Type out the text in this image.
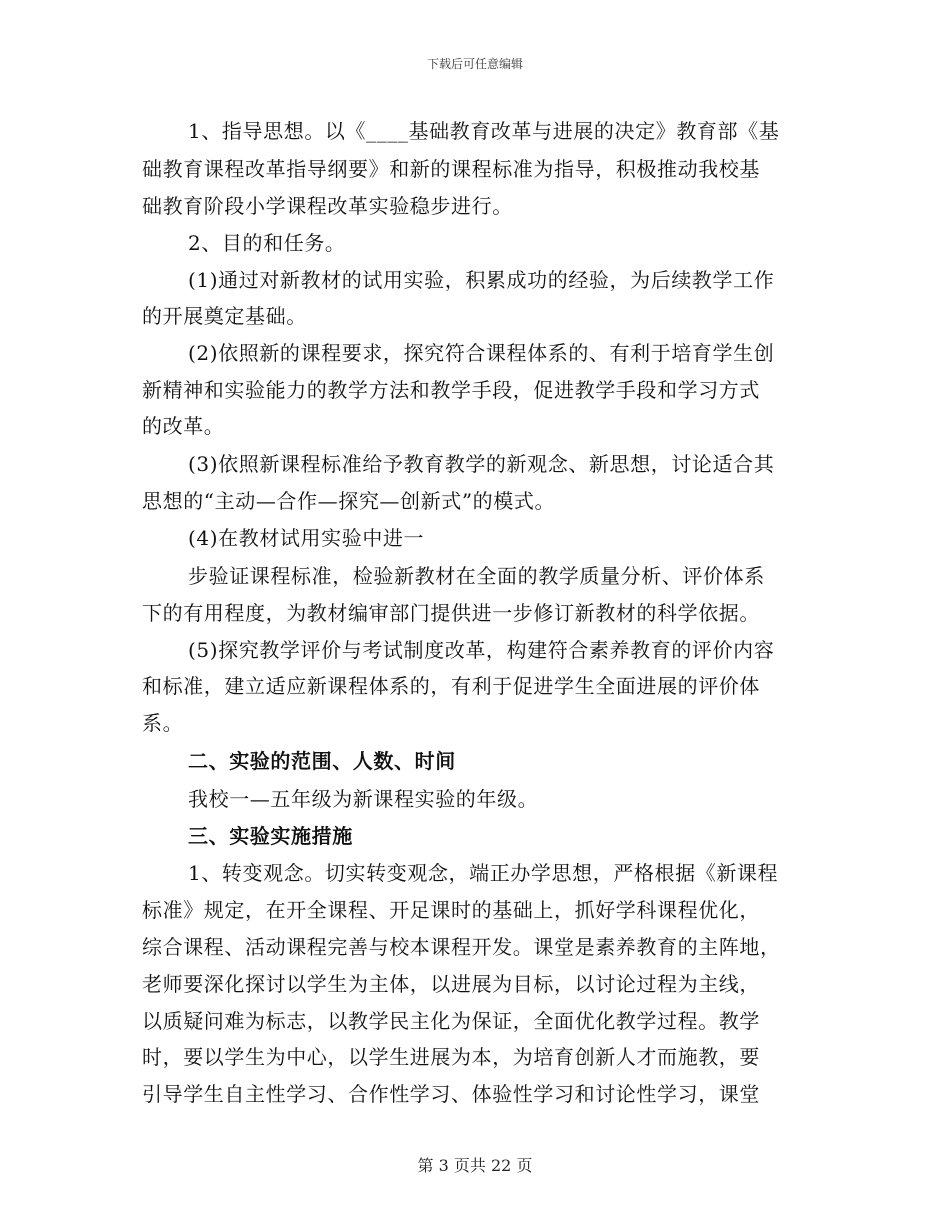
下载后可任意编辑
1、指导思想。以《____基础教育改革与进展的决定》教育部《基
础教育课程改革指导纲要》和新的课程标准为指导，积极推动我校基
础教育阶段小学课程改革实验稳步进行。
2、目的和任务。
(1)通过对新教材的试用实验，积累成功的经验，为后续教学工作
的开展奠定基础。
(2)依照新的课程要求，探究符合课程体系的、有利于培育学生创
新精神和实验能力的教学方法和教学手段，促进教学手段和学习方式
的改革。
(3)依照新课程标准给予教育教学的新观念、新思想，讨论适合其
思想的“主动—合作—探究—创新式”的模式。
(4)在教材试用实验中进一
步验证课程标准，检验新教材在全面的教学质量分析、评价体系
下的有用程度，为教材编审部门提供进一步修订新教材的科学依据。
(5)探究教学评价与考试制度改革，构建符合素养教育的评价内容
和标准，建立适应新课程体系的，有利于促进学生全面进展的评价体
系。
二、实验的范围、人数、时间
我校一—五年级为新课程实验的年级。
三、实验实施措施
1、转变观念。切实转变观念，端正办学思想，严格根据《新课程
标准》规定，在开全课程、开足课时的基础上，抓好学科课程优化，
综合课程、活动课程完善与校本课程开发。课堂是素养教育的主阵地，
老师要深化探讨以学生为主体，以进展为目标，以讨论过程为主线，
以质疑问难为标志，以教学民主化为保证，全面优化教学过程。教学
时，要以学生为中心，以学生进展为本，为培育创新人才而施教，要
引导学生自主性学习、合作性学习、体验性学习和讨论性学习，课堂
第 3 页共 22 页
